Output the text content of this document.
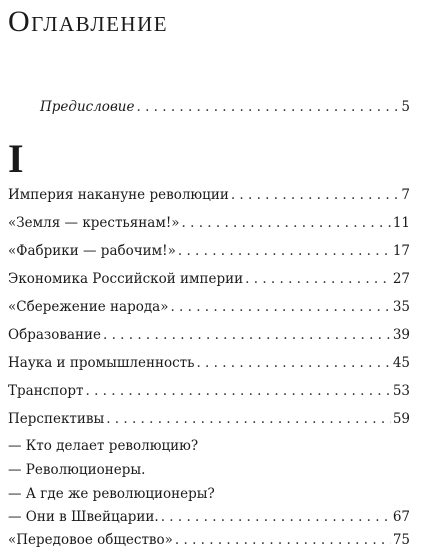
Оглавление
Предисловие . . .	5
I
Империя накануне революции . . .	7
«Земля — крестьянам!» . . .	11
«Фабрики — рабочим!» . . .	17
Экономика Российской империи . . .	27
«Сбережение народа» . . .	35
Образование . . .	39
Наука и промышленность . . .	45
Транспорт . . .	53
Перспективы . . .	59
— Кто делает революцию?
— Революционеры.
— А где же революционеры?
— Они в Швейцарии. . . .	67
«Передовое общество» . . .	75
